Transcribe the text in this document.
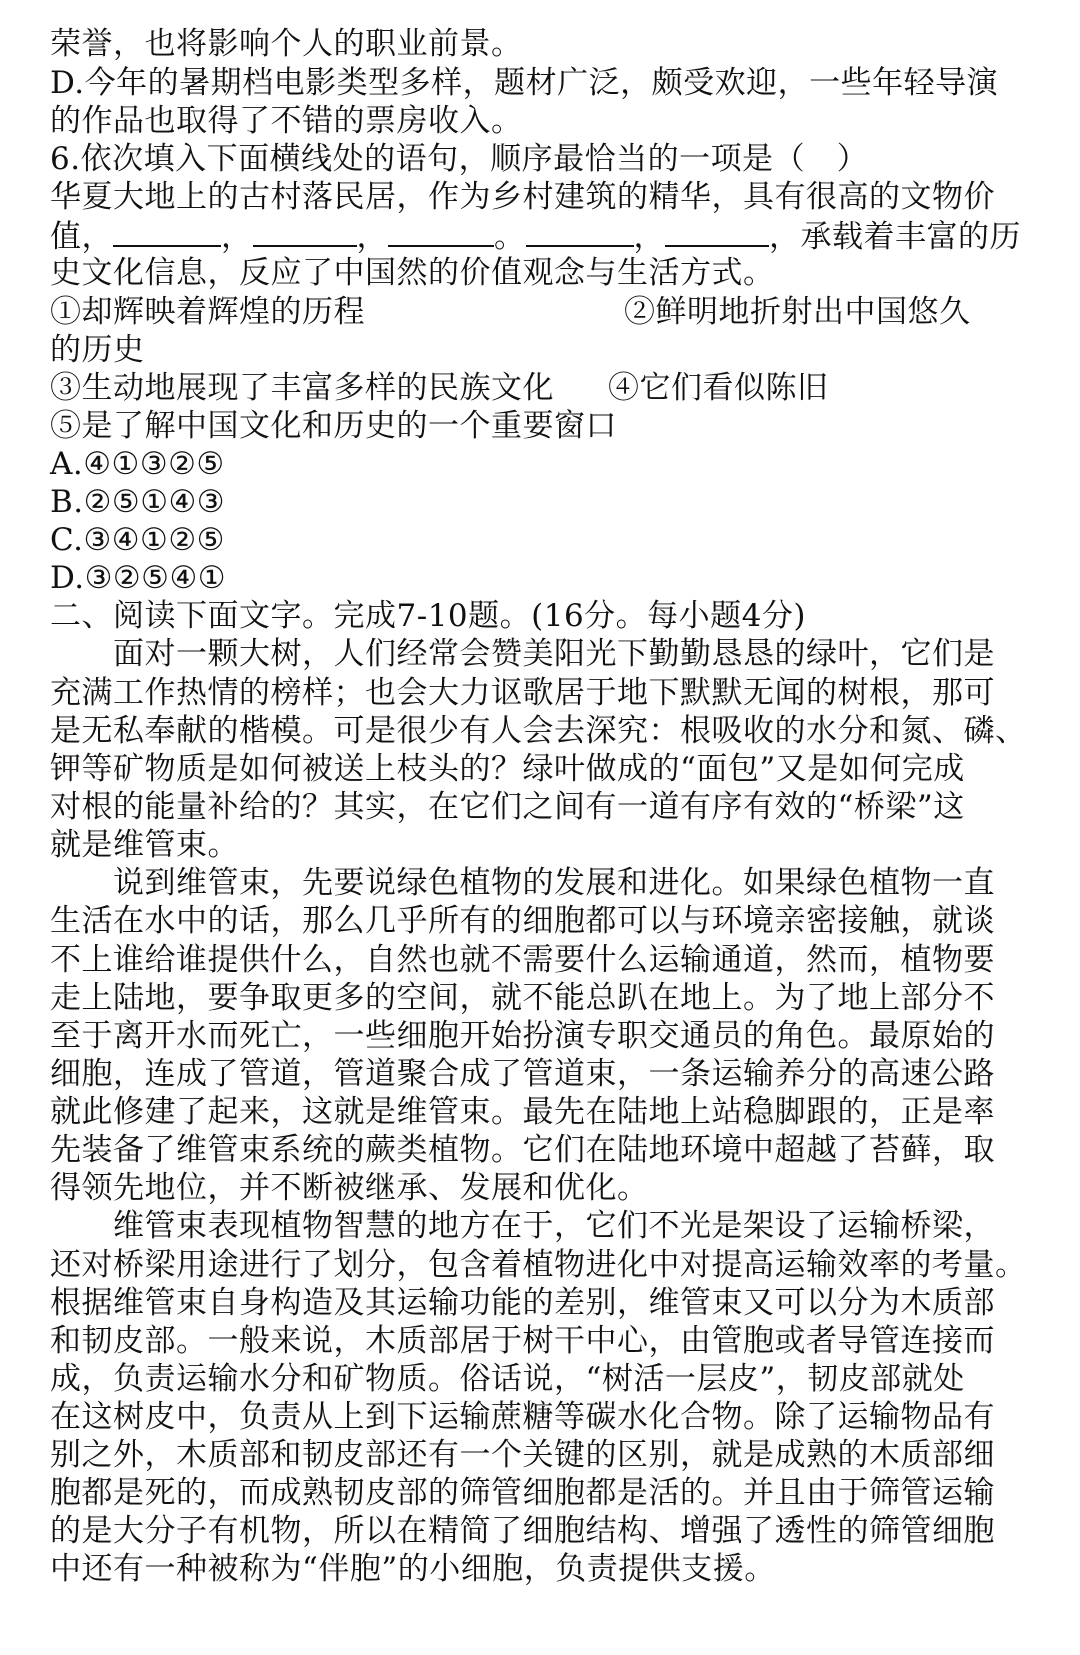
荣誉，也将影响个人的职业前景。
D.今年的暑期档电影类型多样，题材广泛，颇受欢迎，一些年轻导演
的作品也取得了不错的票房收入。
6.依次填入下面横线处的语句，顺序最恰当的一项是（　）
华夏大地上的古村落民居，作为乡村建筑的精华，具有很高的文物价
值，	，	，	。	，	，承载着丰富的历
史文化信息，反应了中国然的价值观念与生活方式。
①却辉映着辉煌的历程	②鲜明地折射出中国悠久
的历史
③生动地展现了丰富多样的民族文化 ④它们看似陈旧
⑤是了解中国文化和历史的一个重要窗口
A.④①③②⑤
B.②⑤①④③
C.③④①②⑤
D.③②⑤④①
二、阅读下面文字。完成7-10题。(16分。每小题4分)
　　面对一颗大树，人们经常会赞美阳光下勤勤恳恳的绿叶，它们是
充满工作热情的榜样；也会大力讴歌居于地下默默无闻的树根，那可
是无私奉献的楷模。可是很少有人会去深究：根吸收的水分和氮、磷、
钾等矿物质是如何被送上枝头的？绿叶做成的“面包”又是如何完成
对根的能量补给的？其实，在它们之间有一道有序有效的“桥梁”这
就是维管束。
　　说到维管束，先要说绿色植物的发展和进化。如果绿色植物一直
生活在水中的话，那么几乎所有的细胞都可以与环境亲密接触，就谈
不上谁给谁提供什么，自然也就不需要什么运输通道，然而，植物要
走上陆地，要争取更多的空间，就不能总趴在地上。为了地上部分不
至于离开水而死亡，一些细胞开始扮演专职交通员的角色。最原始的
细胞，连成了管道，管道聚合成了管道束，一条运输养分的高速公路
就此修建了起来，这就是维管束。最先在陆地上站稳脚跟的，正是率
先装备了维管束系统的蕨类植物。它们在陆地环境中超越了苔藓，取
得领先地位，并不断被继承、发展和优化。
　　维管束表现植物智慧的地方在于，它们不光是架设了运输桥梁，
还对桥梁用途进行了划分，包含着植物进化中对提高运输效率的考量。
根据维管束自身构造及其运输功能的差别，维管束又可以分为木质部
和韧皮部。一般来说，木质部居于树干中心，由管胞或者导管连接而
成，负责运输水分和矿物质。俗话说，“树活一层皮”，韧皮部就处
在这树皮中，负责从上到下运输蔗糖等碳水化合物。除了运输物品有
别之外，木质部和韧皮部还有一个关键的区别，就是成熟的木质部细
胞都是死的，而成熟韧皮部的筛管细胞都是活的。并且由于筛管运输
的是大分子有机物，所以在精简了细胞结构、增强了透性的筛管细胞
中还有一种被称为“伴胞”的小细胞，负责提供支援。
